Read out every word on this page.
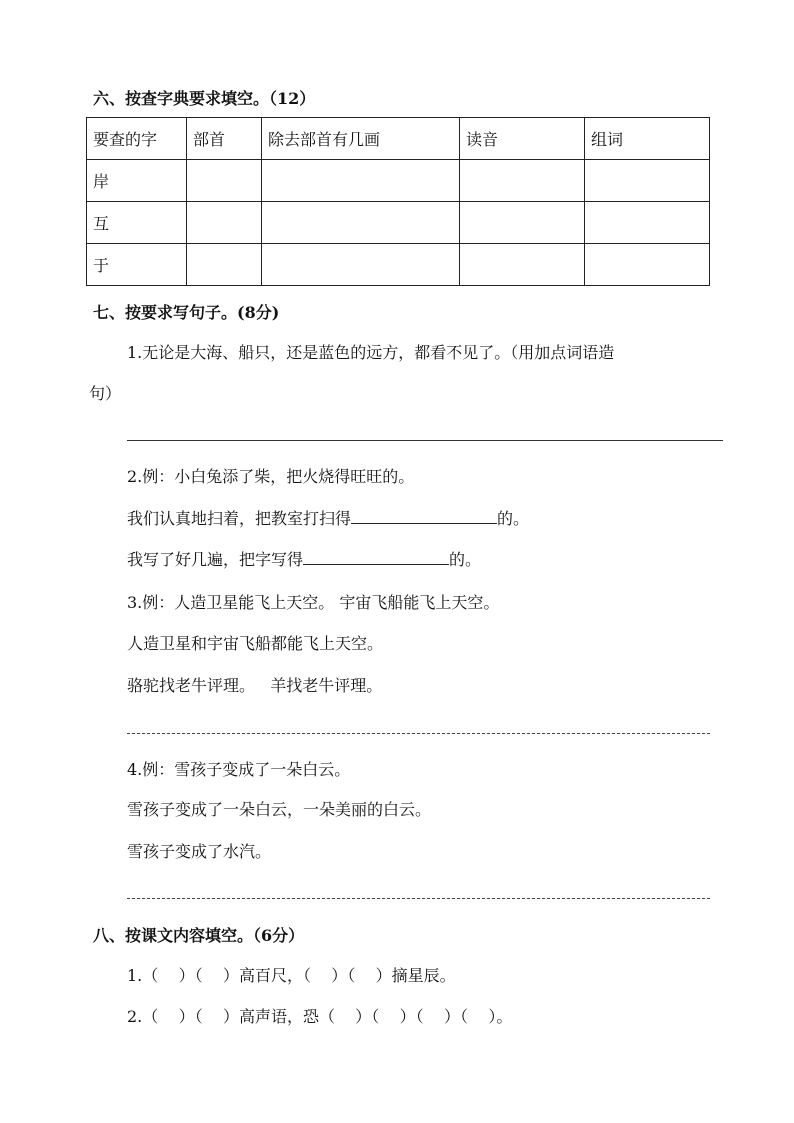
六、按查字典要求填空。（12）
要查的字	部首	除去部首有几画	读音	组词
岸				
互				
于				
七、按要求写句子。(8分)
1.无论是大海、船只，还是蓝色的远方，都看不见了。（用加点词语造
句）
2.例：小白兔添了柴，把火烧得旺旺的。
我们认真地扫着，把教室打扫得	的。
我写了好几遍，把字写得	的。
3.例：人造卫星能飞上天空。 宇宙飞船能飞上天空。
人造卫星和宇宙飞船都能飞上天空。
骆驼找老牛评理。   羊找老牛评理。
4.例：雪孩子变成了一朵白云。
雪孩子变成了一朵白云，一朵美丽的白云。
雪孩子变成了水汽。
八、按课文内容填空。（6分）
1.（    ）（    ）高百尺，（    ）（    ）摘星辰。
2.（    ）（    ）高声语，恐（    ）（    ）（    ）（    ）。
